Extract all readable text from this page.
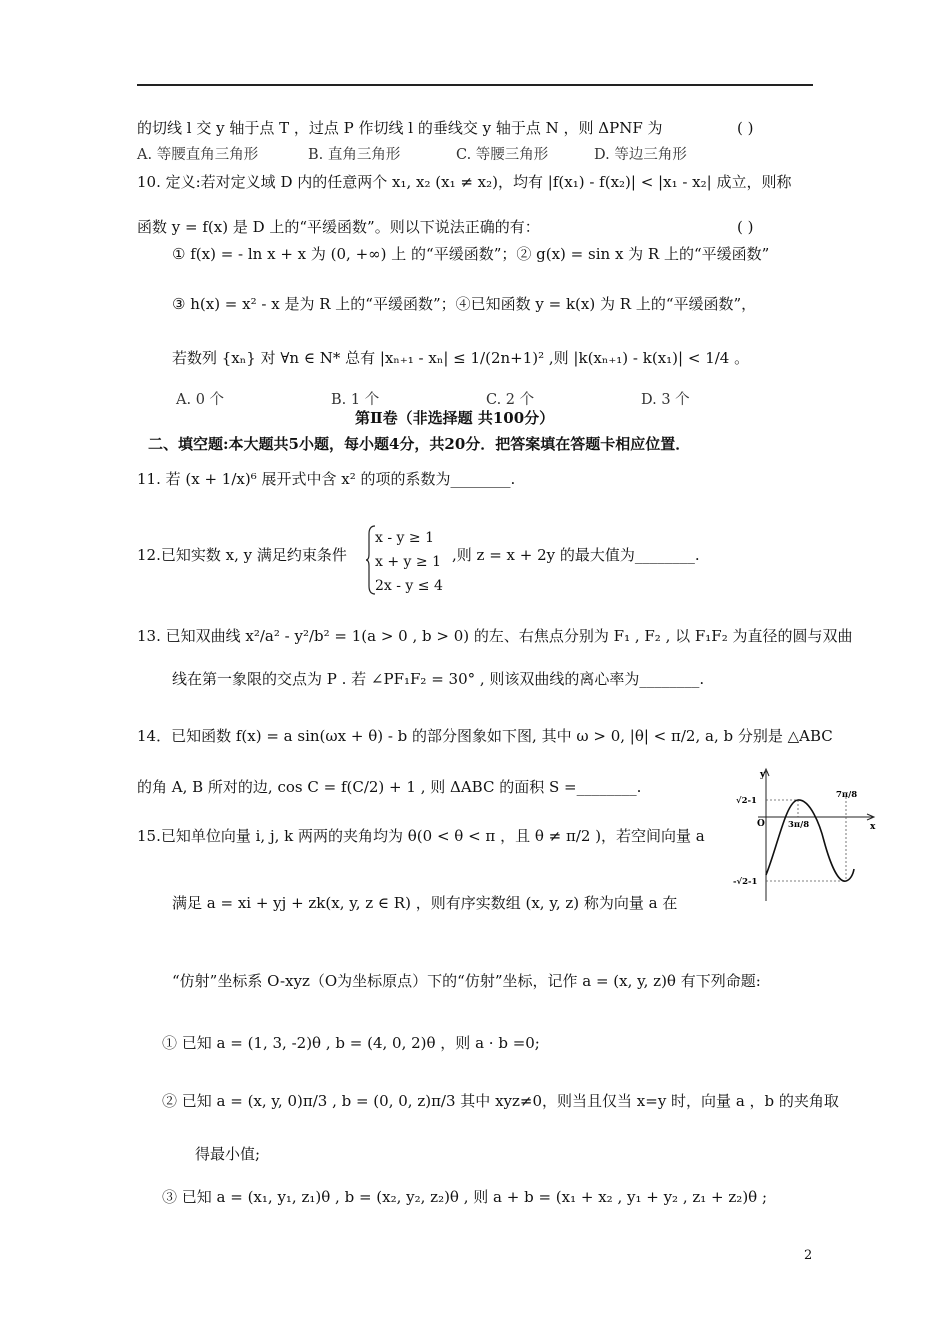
的切线 l 交 y 轴于点 T ，过点 P 作切线 l 的垂线交 y 轴于点 N ，则 ΔPNF 为	( )
A. 等腰直角三角形	B. 直角三角形	C. 等腰三角形	D. 等边三角形
10. 定义:若对定义域 D 内的任意两个 x₁, x₂ (x₁ ≠ x₂)，均有 |f(x₁) - f(x₂)| < |x₁ - x₂| 成立，则称
函数 y = f(x) 是 D 上的“平缓函数”。则以下说法正确的有：	( )
① f(x) = - ln x + x 为 (0, +∞) 上 的“平缓函数”；② g(x) = sin x 为 R 上的“平缓函数”
③ h(x) = x² - x 是为 R 上的“平缓函数”；④已知函数 y = k(x) 为 R 上的“平缓函数”，
若数列 {xₙ} 对 ∀n ∈ N* 总有 |xₙ₊₁ - xₙ| ≤ 1/(2n+1)² ,则 |k(xₙ₊₁) - k(x₁)| < 1/4 。
A. 0 个	B. 1 个	C. 2 个	D. 3 个
第Ⅱ卷（非选择题 共100分）
二、填空题:本大题共5小题，每小题4分，共20分．把答案填在答题卡相应位置．
11. 若 (x + 1/x)⁶ 展开式中含 x² 的项的系数为________.
12.已知实数 x, y 满足约束条件
x - y ≥ 1
x + y ≥ 1
2x - y ≤ 4
,则 z = x + 2y 的最大值为________.
13. 已知双曲线 x²/a² - y²/b² = 1(a > 0 , b > 0) 的左、右焦点分别为 F₁ , F₂ , 以 F₁F₂ 为直径的圆与双曲
线在第一象限的交点为 P . 若 ∠PF₁F₂ = 30° , 则该双曲线的离心率为________.
14．已知函数 f(x) = a sin(ωx + θ) - b 的部分图象如下图, 其中 ω > 0, |θ| < π/2, a, b 分别是 △ABC
的角 A, B 所对的边, cos C = f(C/2) + 1 , 则 ΔABC 的面积 S =________.
y
x
O
√2-1
-√2-1
3π/8
7π/8
15.已知单位向量 i, j, k 两两的夹角均为 θ(0 < θ < π ，且 θ ≠ π/2 )，若空间向量 a
满足 a = xi + yj + zk(x, y, z ∈ R) ，则有序实数组 (x, y, z) 称为向量 a 在
“仿射”坐标系 O-xyz（O为坐标原点）下的“仿射”坐标，记作 a = (x, y, z)θ 有下列命题:
① 已知 a = (1, 3, -2)θ , b = (4, 0, 2)θ ，则 a · b =0;
② 已知 a = (x, y, 0)π/3 , b = (0, 0, z)π/3 其中 xyz≠0，则当且仅当 x=y 时，向量 a ，b 的夹角取
得最小值;
③ 已知 a = (x₁, y₁, z₁)θ , b = (x₂, y₂, z₂)θ , 则 a + b = (x₁ + x₂ , y₁ + y₂ , z₁ + z₂)θ ;
2
